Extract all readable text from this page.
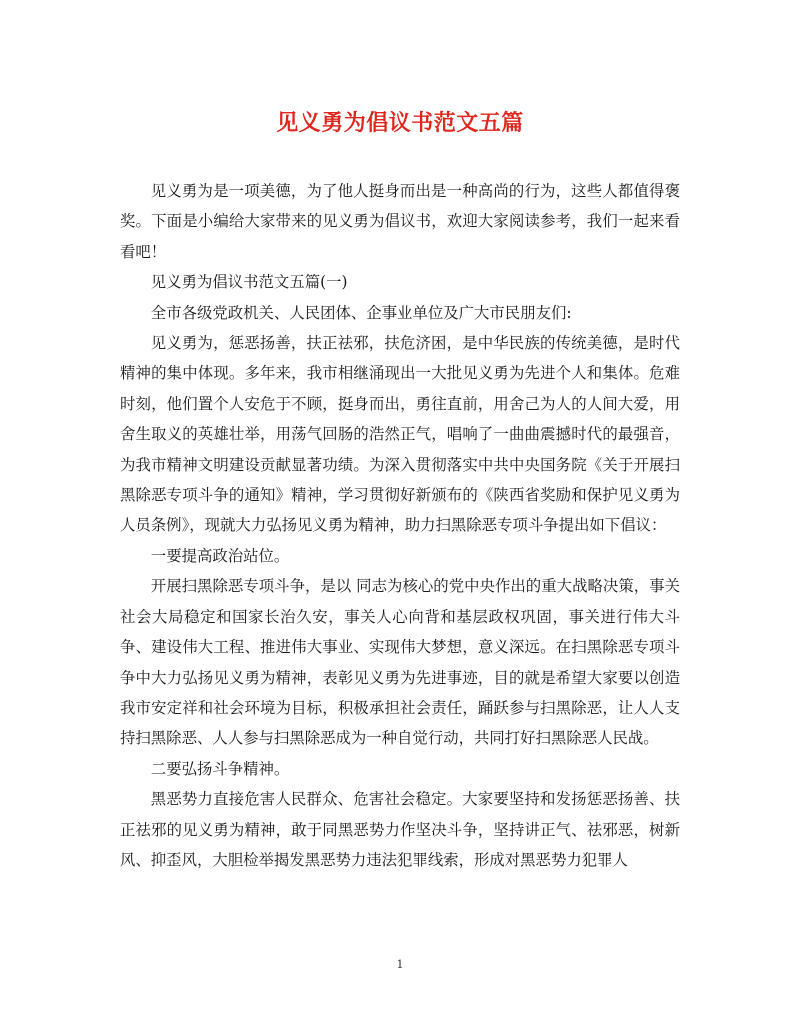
见义勇为倡议书范文五篇

见义勇为是一项美德，为了他人挺身而出是一种高尚的行为，这些人都值得褒奖。下面是小编给大家带来的见义勇为倡议书，欢迎大家阅读参考，我们一起来看看吧！

见义勇为倡议书范文五篇(一)

全市各级党政机关、人民团体、企事业单位及广大市民朋友们:

见义勇为，惩恶扬善，扶正祛邪，扶危济困，是中华民族的传统美德，是时代精神的集中体现。多年来，我市相继涌现出一大批见义勇为先进个人和集体。危难时刻，他们置个人安危于不顾，挺身而出，勇往直前，用舍己为人的人间大爱，用舍生取义的英雄壮举，用荡气回肠的浩然正气，唱响了一曲曲震撼时代的最强音，为我市精神文明建设贡献显著功绩。为深入贯彻落实中共中央国务院《关于开展扫黑除恶专项斗争的通知》精神，学习贯彻好新颁布的《陕西省奖励和保护见义勇为人员条例》，现就大力弘扬见义勇为精神，助力扫黑除恶专项斗争提出如下倡议：

一要提高政治站位。

开展扫黑除恶专项斗争，是以 同志为核心的党中央作出的重大战略决策，事关社会大局稳定和国家长治久安，事关人心向背和基层政权巩固，事关进行伟大斗争、建设伟大工程、推进伟大事业、实现伟大梦想，意义深远。在扫黑除恶专项斗争中大力弘扬见义勇为精神，表彰见义勇为先进事迹，目的就是希望大家要以创造我市安定祥和社会环境为目标，积极承担社会责任，踊跃参与扫黑除恶，让人人支持扫黑除恶、人人参与扫黑除恶成为一种自觉行动，共同打好扫黑除恶人民战。

二要弘扬斗争精神。

黑恶势力直接危害人民群众、危害社会稳定。大家要坚持和发扬惩恶扬善、扶正祛邪的见义勇为精神，敢于同黑恶势力作坚决斗争，坚持讲正气、祛邪恶，树新风、抑歪风，大胆检举揭发黑恶势力违法犯罪线索，形成对黑恶势力犯罪人

1
